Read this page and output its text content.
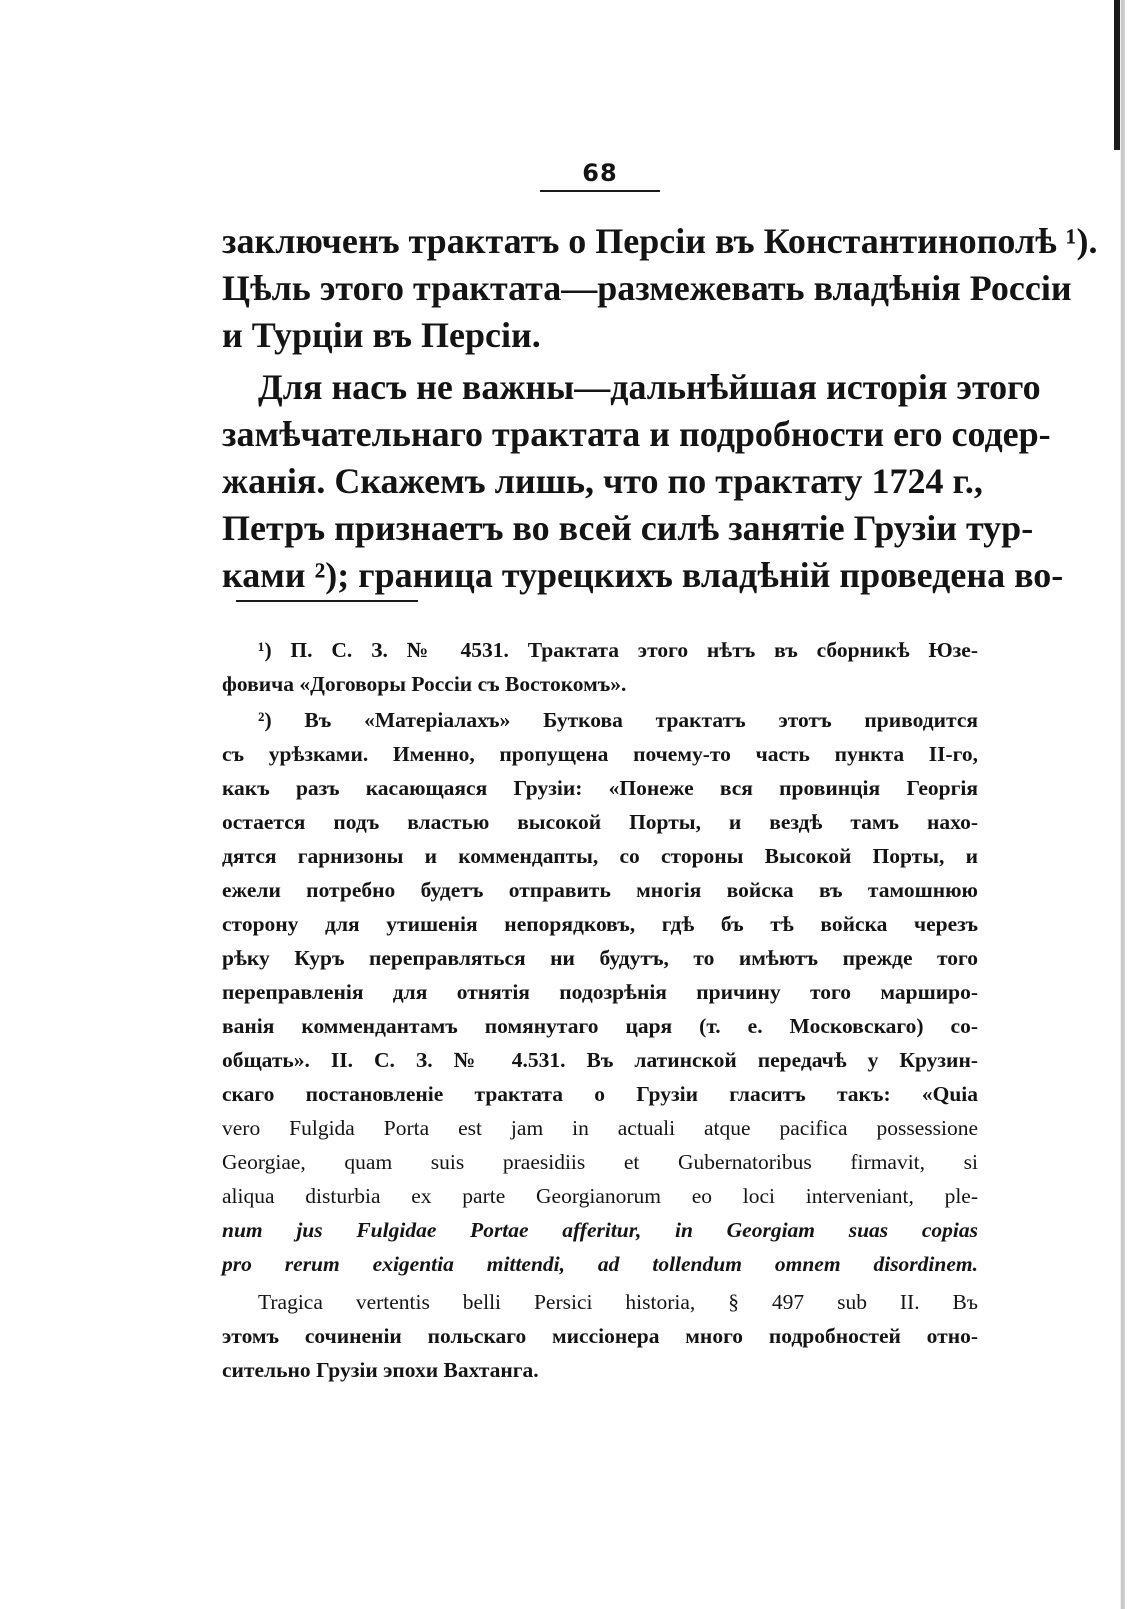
68
заключенъ трактатъ о Персіи въ Константинополѣ ¹).
Цѣль этого трактата—размежевать владѣнія Россіи
и Турціи въ Персіи.
Для насъ не важны—дальнѣйшая исторія этого
замѣчательнаго трактата и подробности его содер-
жанія. Скажемъ лишь, что по трактату 1724 г.,
Петръ признаетъ во всей силѣ занятіе Грузіи тур-
ками ²); граница турецкихъ владѣній проведена во-
¹) П. С. З. № 4531. Трактата этого нѣтъ въ сборникѣ Юзе-
фовича «Договоры Россіи съ Востокомъ».
²) Въ «Матеріалахъ» Буткова трактатъ этотъ приводится
съ урѣзками. Именно, пропущена почему-то часть пункта II-го,
какъ разъ касающаяся Грузіи: «Понеже вся провинція Георгія
остается подъ властью высокой Порты, и вездѣ тамъ нахо-
дятся гарнизоны и коммендапты, со стороны Высокой Порты, и
ежели потребно будетъ отправить многія войска въ тамошнюю
сторону для утишенія непорядковъ, гдѣ бъ тѣ войска черезъ
рѣку Куръ переправляться ни будутъ, то имѣютъ прежде того
переправленія для отнятія подозрѣнія причину того марширо-
ванія коммендантамъ помянутаго царя (т. е. Московскаго) со-
общать». II. С. З. № 4.531. Въ латинской передачѣ у Крузин-
скаго постановленіе трактата о Грузіи гласитъ такъ: «Quia
vero Fulgida Porta est jam in actuali atque pacifica possessione
Georgiae, quam suis praesidiis et Gubernatoribus firmavit, si
aliqua disturbia ex parte Georgianorum eo loci interveniant, ple-
num jus Fulgidae Portae afferitur, in Georgiam suas copias
pro rerum exigentia mittendi, ad tollendum omnem disordinem.
Tragica vertentis belli Persici historia, § 497 sub II. Въ
этомъ сочиненіи польскаго миссіонера много подробностей отно-
сительно Грузіи эпохи Вахтанга.
